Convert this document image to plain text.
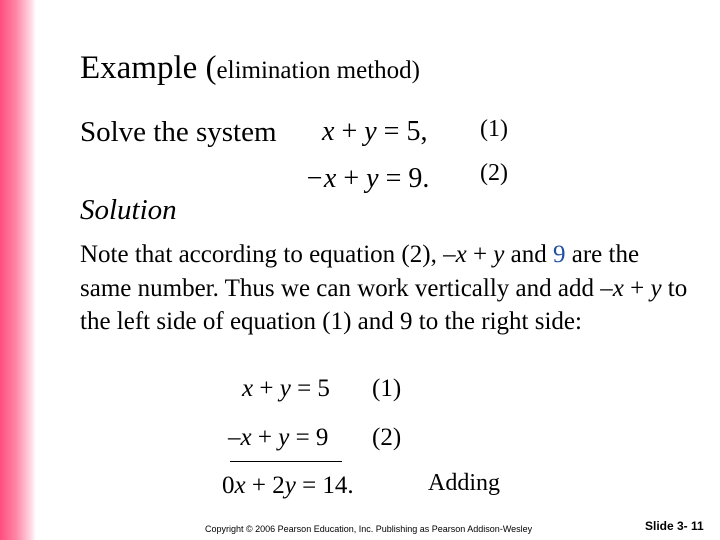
Example (elimination method)
Solve the system x + y = 5, (1)
−x + y = 9. (2)
Solution
Note that according to equation (2), –x + y and 9 are the same number. Thus we can work vertically and add –x + y to the left side of equation (1) and 9 to the right side:
x + y = 5 (1)
–x + y = 9 (2)
0x + 2y = 14.	Adding
Copyright © 2006 Pearson Education, Inc. Publishing as Pearson Addison-Wesley	Slide 3- 11
